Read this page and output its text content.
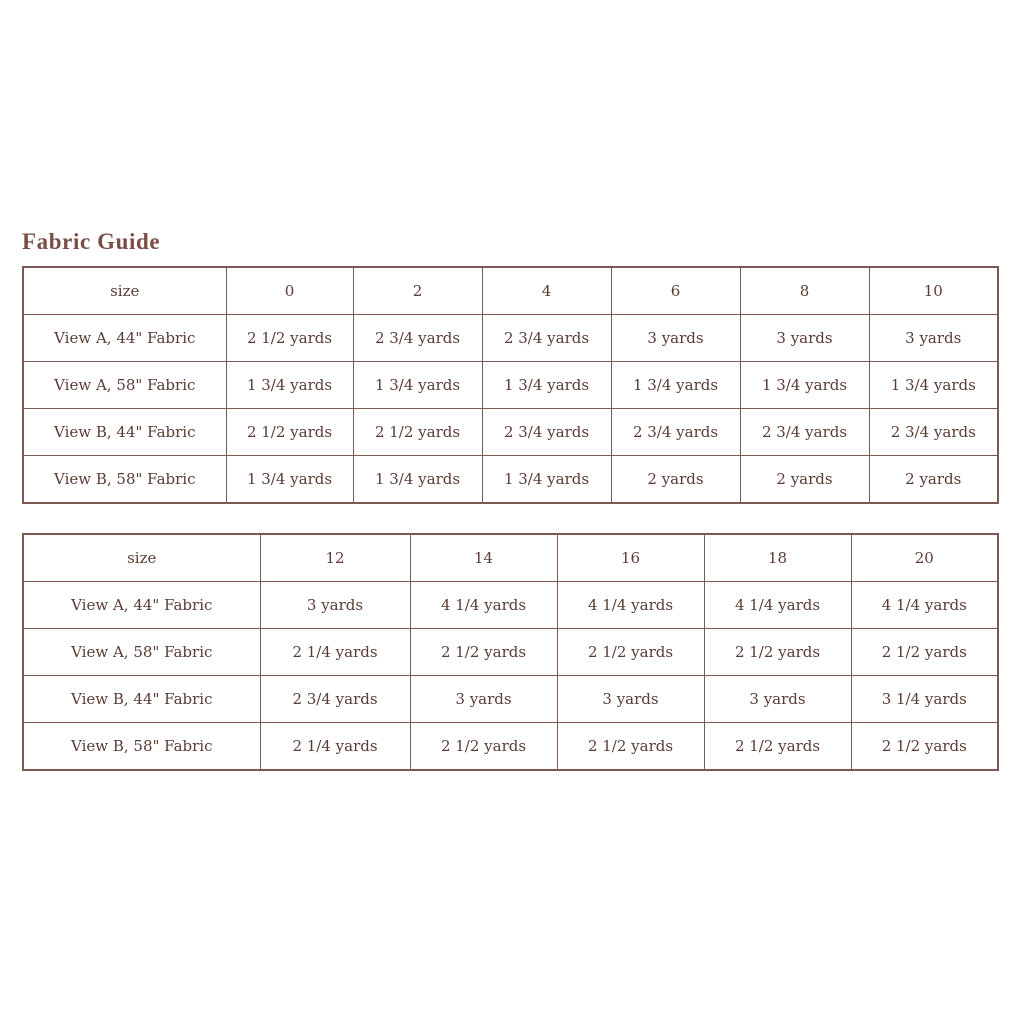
Fabric Guide
size	0	2	4	6	8	10
View A, 44" Fabric	2 1/2 yards	2 3/4 yards	2 3/4 yards	3 yards	3 yards	3 yards
View A, 58" Fabric	1 3/4 yards	1 3/4 yards	1 3/4 yards	1 3/4 yards	1 3/4 yards	1 3/4 yards
View B, 44" Fabric	2 1/2 yards	2 1/2 yards	2 3/4 yards	2 3/4 yards	2 3/4 yards	2 3/4 yards
View B, 58" Fabric	1 3/4 yards	1 3/4 yards	1 3/4 yards	2 yards	2 yards	2 yards
size	12	14	16	18	20
View A, 44" Fabric	3 yards	4 1/4 yards	4 1/4 yards	4 1/4 yards	4 1/4 yards
View A, 58" Fabric	2 1/4 yards	2 1/2 yards	2 1/2 yards	2 1/2 yards	2 1/2 yards
View B, 44" Fabric	2 3/4 yards	3 yards	3 yards	3 yards	3 1/4 yards
View B, 58" Fabric	2 1/4 yards	2 1/2 yards	2 1/2 yards	2 1/2 yards	2 1/2 yards
